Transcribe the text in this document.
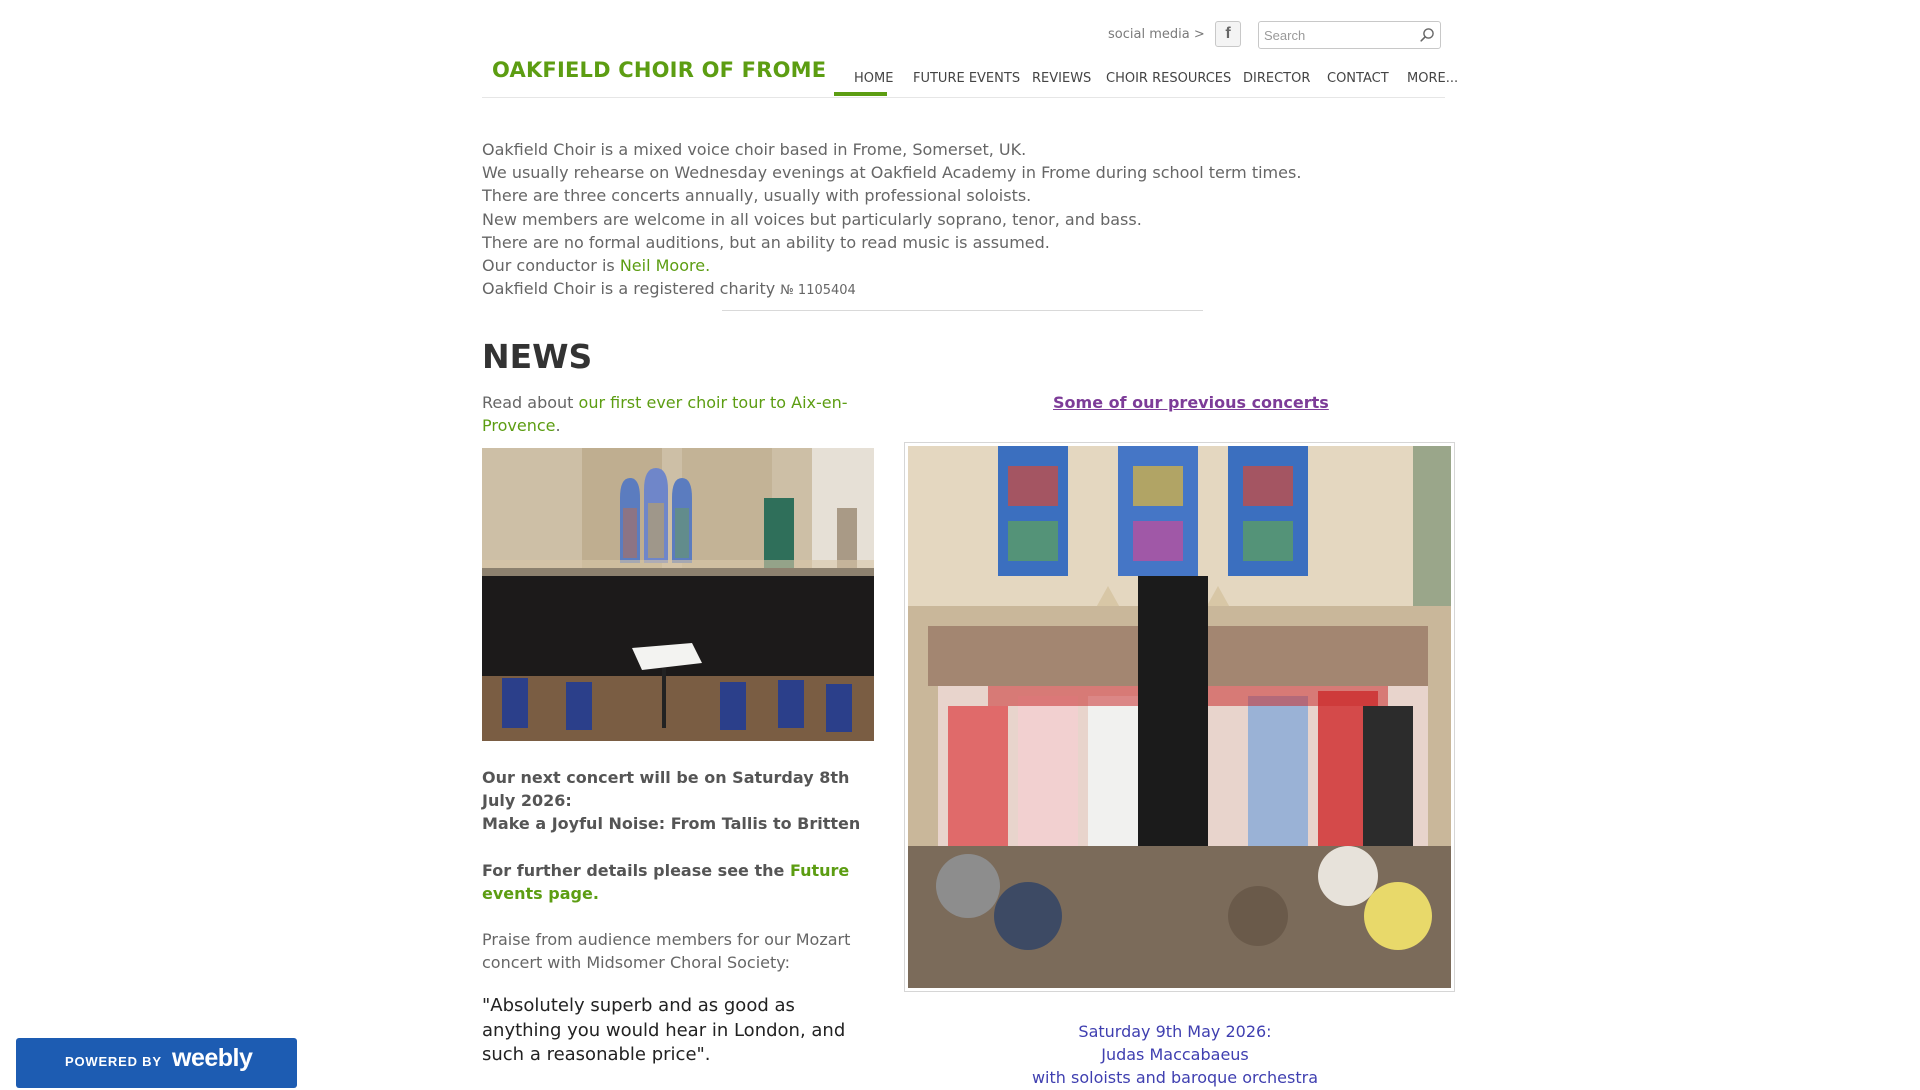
social media >	f
Search
OAKFIELD CHOIR OF FROME HOME FUTURE EVENTS REVIEWS CHOIR RESOURCES DIRECTOR CONTACT MORE...

Oakfield Choir is a mixed voice choir based in Frome, Somerset, UK.

We usually rehearse on Wednesday evenings at Oakfield Academy in Frome during school term times.

There are three concerts annually, usually with professional soloists.

New members are welcome in all voices but particularly soprano, tenor, and bass.

There are no formal auditions, but an ability to read music is assumed.

Our conductor is Neil Moore.

Oakfield Choir is a registered charity № 1105404

NEWS

Read about our first ever choir tour to Aix-en-Provence.

Our next concert will be on Saturday 8th July 2026:

Make a Joyful Noise: From Tallis to Britten

For further details please see the Future events page.

Praise from audience members for our Mozart concert with Midsomer Choral Society:

"Absolutely superb and as good as anything you would hear in London, and such a reasonable price".

Some of our previous concerts

Saturday 9th May 2026:

Judas Maccabaeus

with soloists and baroque orchestra

POWERED BY weebly
